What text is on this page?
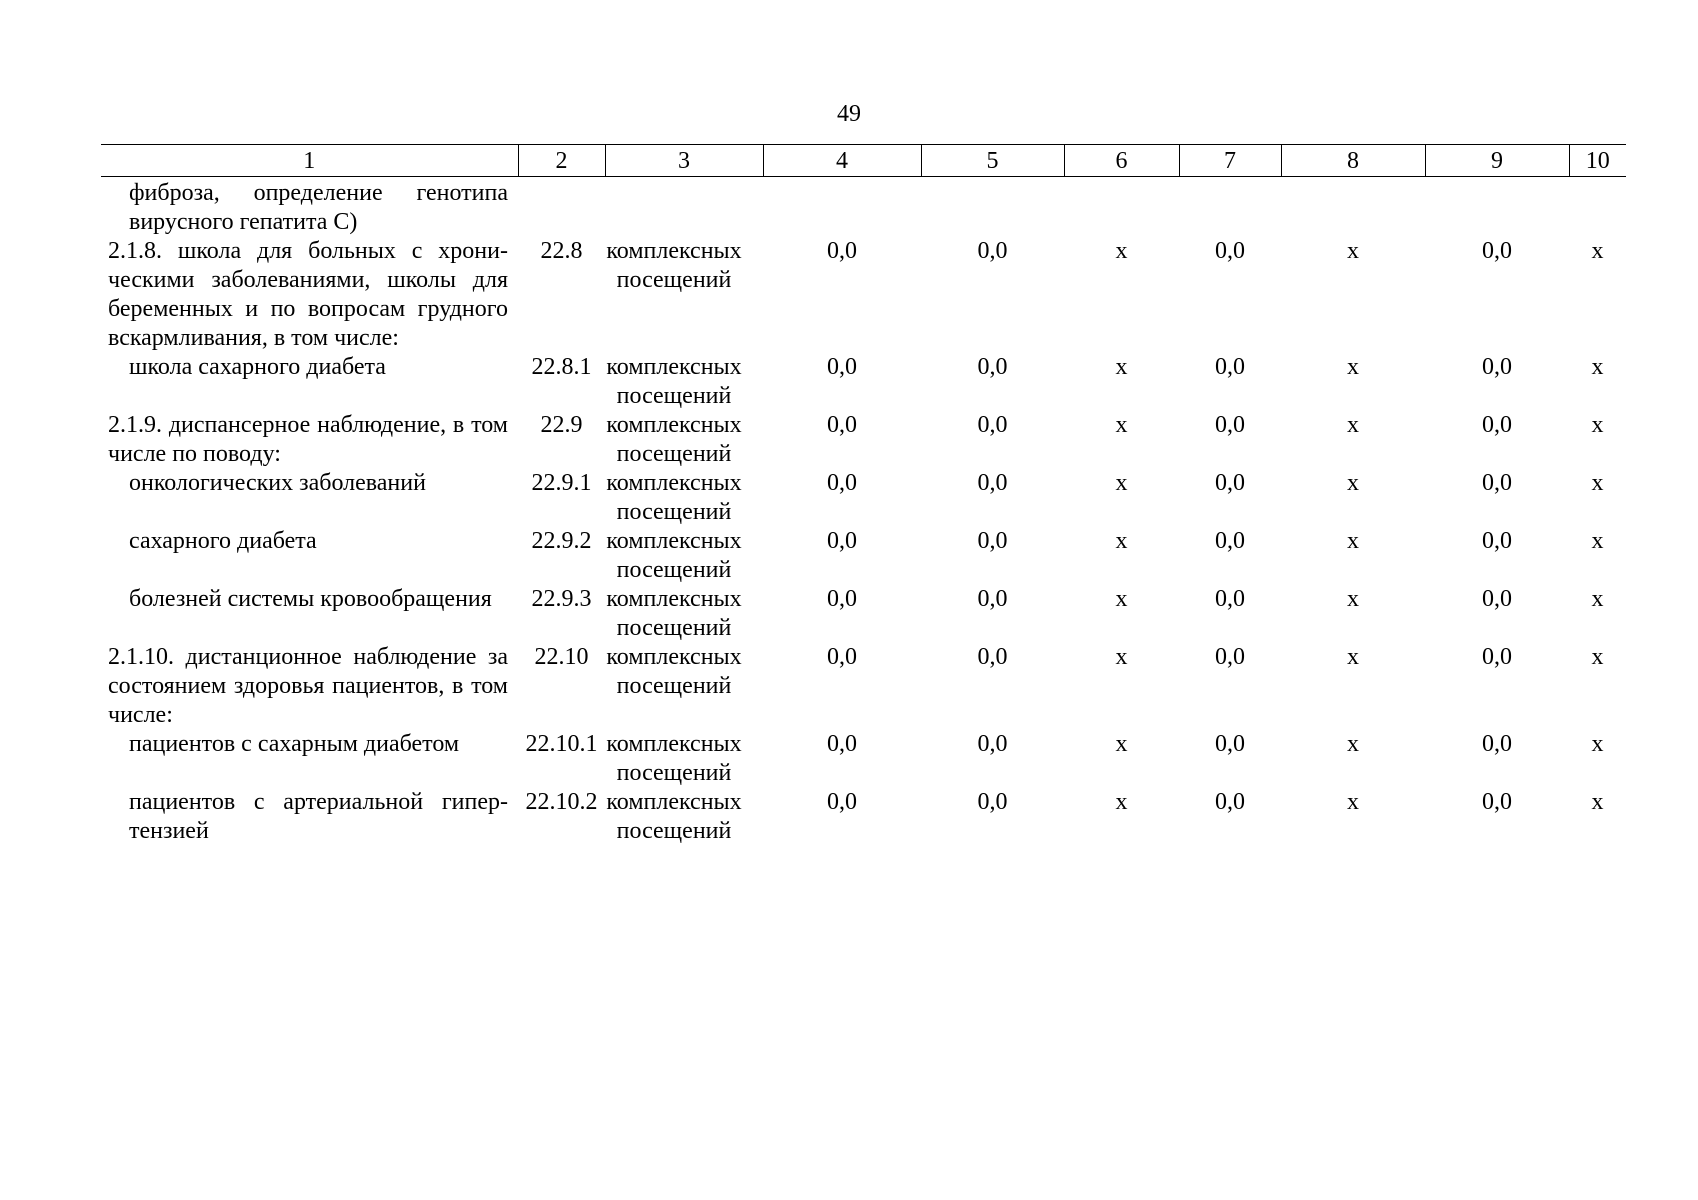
49
1	2	3	4	5	6	7	8	9	10
фиброза, определение генотипа вирусного гепатита С)									
2.1.8. школа для больных с хроническими заболеваниями, школы для беременных и по вопросам грудного вскармливания, в том числе:	22.8	комплексных посещений	0,0	0,0	х	0,0	х	0,0	х
школа сахарного диабета	22.8.1	комплексных посещений	0,0	0,0	х	0,0	х	0,0	х
2.1.9. диспансерное наблюдение, в том числе по поводу:	22.9	комплексных посещений	0,0	0,0	х	0,0	х	0,0	х
онкологических заболеваний	22.9.1	комплексных посещений	0,0	0,0	х	0,0	х	0,0	х
сахарного диабета	22.9.2	комплексных посещений	0,0	0,0	х	0,0	х	0,0	х
болезней системы кровообращения	22.9.3	комплексных посещений	0,0	0,0	х	0,0	х	0,0	х
2.1.10. дистанционное наблюдение за состоянием здоровья пациентов, в том числе:	22.10	комплексных посещений	0,0	0,0	х	0,0	х	0,0	х
пациентов с сахарным диабетом	22.10.1	комплексных посещений	0,0	0,0	х	0,0	х	0,0	х
пациентов с артериальной гипертензией	22.10.2	комплексных посещений	0,0	0,0	х	0,0	х	0,0	х
